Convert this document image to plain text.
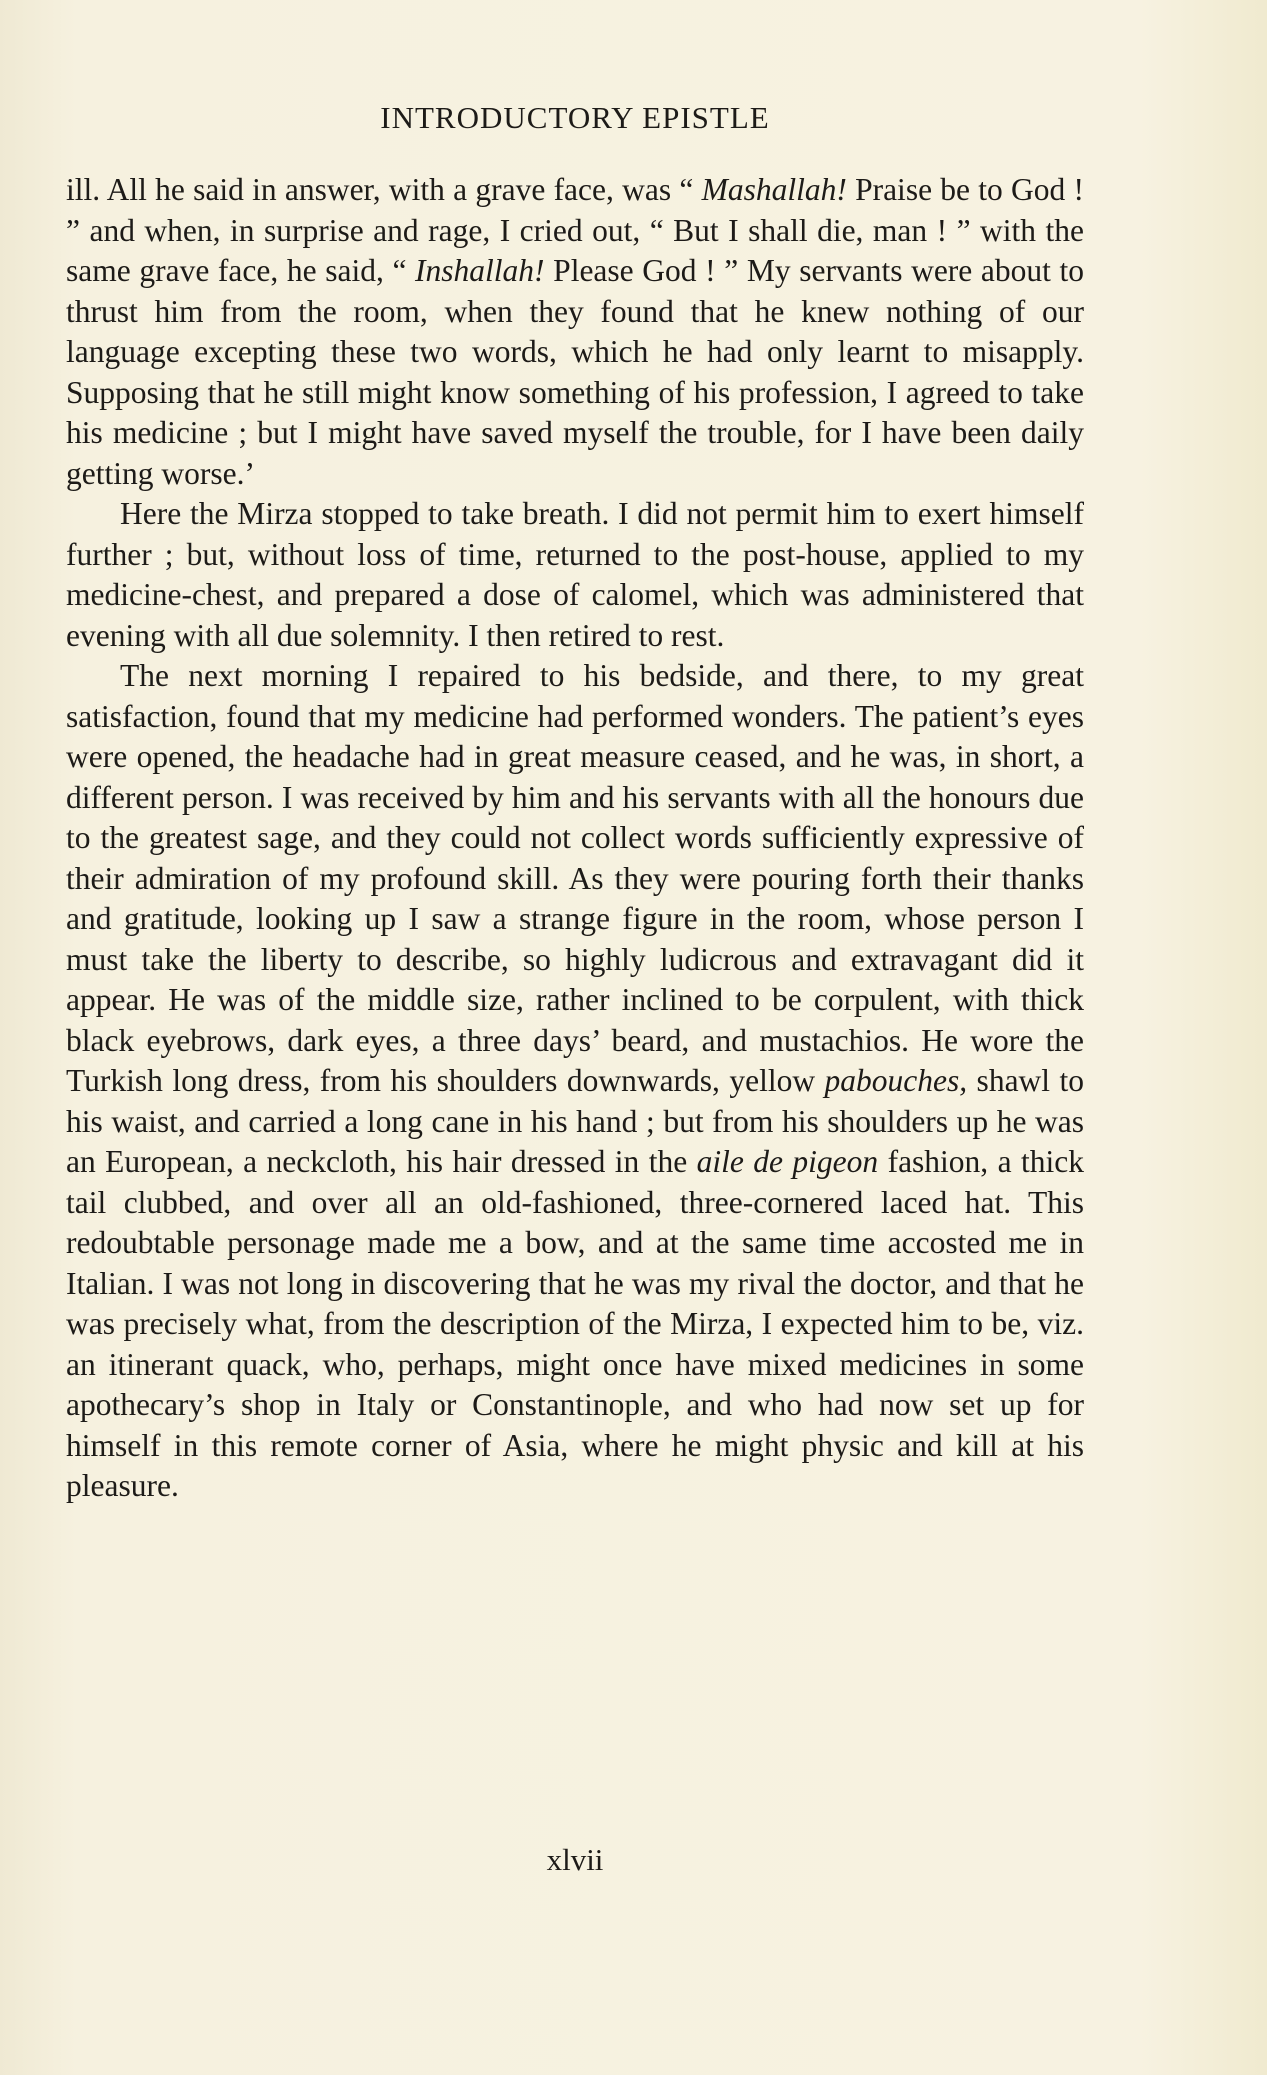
INTRODUCTORY EPISTLE

ill. All he said in answer, with a grave face, was “ Mashallah! Praise be to God ! ” and when, in surprise and rage, I cried out, “ But I shall die, man ! ” with the same grave face, he said, “ Inshallah! Please God ! ” My servants were about to thrust him from the room, when they found that he knew nothing of our language excepting these two words, which he had only learnt to misapply. Supposing that he still might know something of his profession, I agreed to take his medicine ; but I might have saved myself the trouble, for I have been daily getting worse.’

Here the Mirza stopped to take breath. I did not permit him to exert himself further ; but, without loss of time, returned to the post-house, applied to my medicine-chest, and prepared a dose of calomel, which was administered that evening with all due solemnity. I then retired to rest.

The next morning I repaired to his bedside, and there, to my great satisfaction, found that my medicine had performed wonders. The patient’s eyes were opened, the headache had in great measure ceased, and he was, in short, a different person. I was received by him and his servants with all the honours due to the greatest sage, and they could not collect words sufficiently expressive of their admiration of my profound skill. As they were pouring forth their thanks and gratitude, looking up I saw a strange figure in the room, whose person I must take the liberty to describe, so highly ludicrous and extravagant did it appear. He was of the middle size, rather inclined to be corpulent, with thick black eyebrows, dark eyes, a three days’ beard, and mustachios. He wore the Turkish long dress, from his shoulders downwards, yellow pabouches, shawl to his waist, and carried a long cane in his hand ; but from his shoulders up he was an European, a neckcloth, his hair dressed in the aile de pigeon fashion, a thick tail clubbed, and over all an old-fashioned, three-cornered laced hat. This redoubtable personage made me a bow, and at the same time accosted me in Italian. I was not long in discovering that he was my rival the doctor, and that he was precisely what, from the description of the Mirza, I expected him to be, viz. an itinerant quack, who, perhaps, might once have mixed medicines in some apothecary’s shop in Italy or Constantinople, and who had now set up for himself in this remote corner of Asia, where he might physic and kill at his pleasure.

xlvii
